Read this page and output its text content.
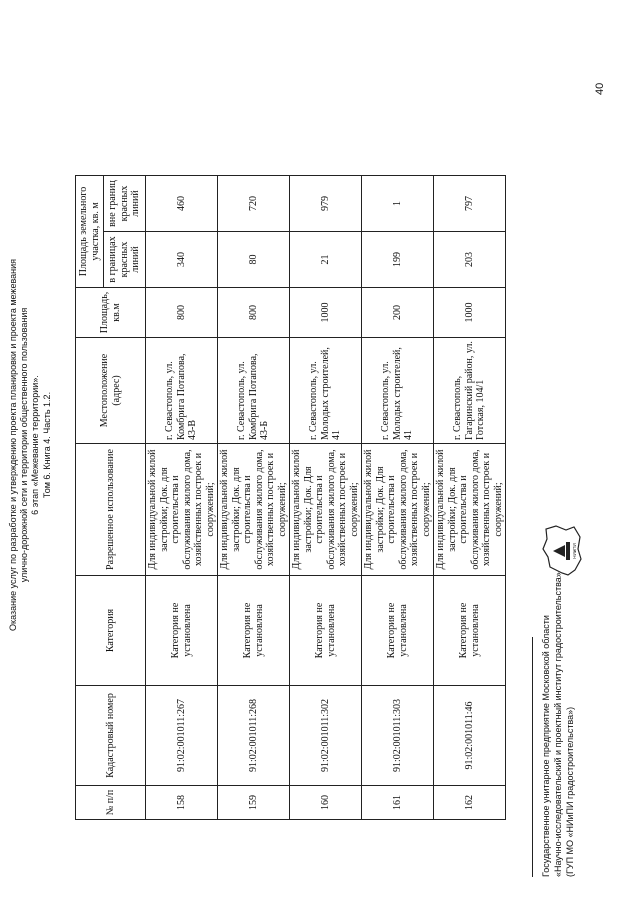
Оказание услуг по разработке и утверждению проекта планировки и проекта межевания улично-дорожной сети и территории общественного пользования 6 этап «Межевание территории». Том 6. Книга 4. Часть 1.2.
40
№ п/п	Кадастровый номер	Категория	Разрешенное использование	Местоположение (адрес)	Площадь, кв.м	Площадь земельного участка, кв. м	
						в границах красных линий	вне границ красных линий
158	91:02:001011:267	Категория не установлена	Для индивидуальной жилой застройки; Док. для строительства и обслуживания жилого дома, хозяйственных построек и сооружений;	г. Севастополь, ул. Комбрига Потапова, 43-В	800	340	460
159	91:02:001011:268	Категория не установлена	Для индивидуальной жилой застройки; Док. для строительства и обслуживания жилого дома, хозяйственных построек и сооружений;	г. Севастополь, ул. Комбрига Потапова, 43-Б	800	80	720
160	91:02:001011:302	Категория не установлена	Для индивидуальной жилой застройки; Док. Для строительства и обслуживания жилого дома, хозяйственных построек и сооружений;	г. Севастополь, ул. Молодых строителей, 41	1000	21	979
161	91:02:001011:303	Категория не установлена	Для индивидуальной жилой застройки; Док. Для строительства и обслуживания жилого дома, хозяйственных построек и сооружений;	г. Севастополь, ул. Молодых строителей, 41	200	199	1
162	91:02:001011:46	Категория не установлена	Для индивидуальной жилой застройки; Док. для строительства и обслуживания жилого дома, хозяйственных построек и сооружений;	г. Севастополь, Гагаринский район, ул. Готская, 104/1	1000	203	797
Государственное унитарное предприятие Московской области «Научно-исследовательский и проектный институт градостроительства» (ГУП МО «НИиПИ градостроительства»)
НИиПИ
